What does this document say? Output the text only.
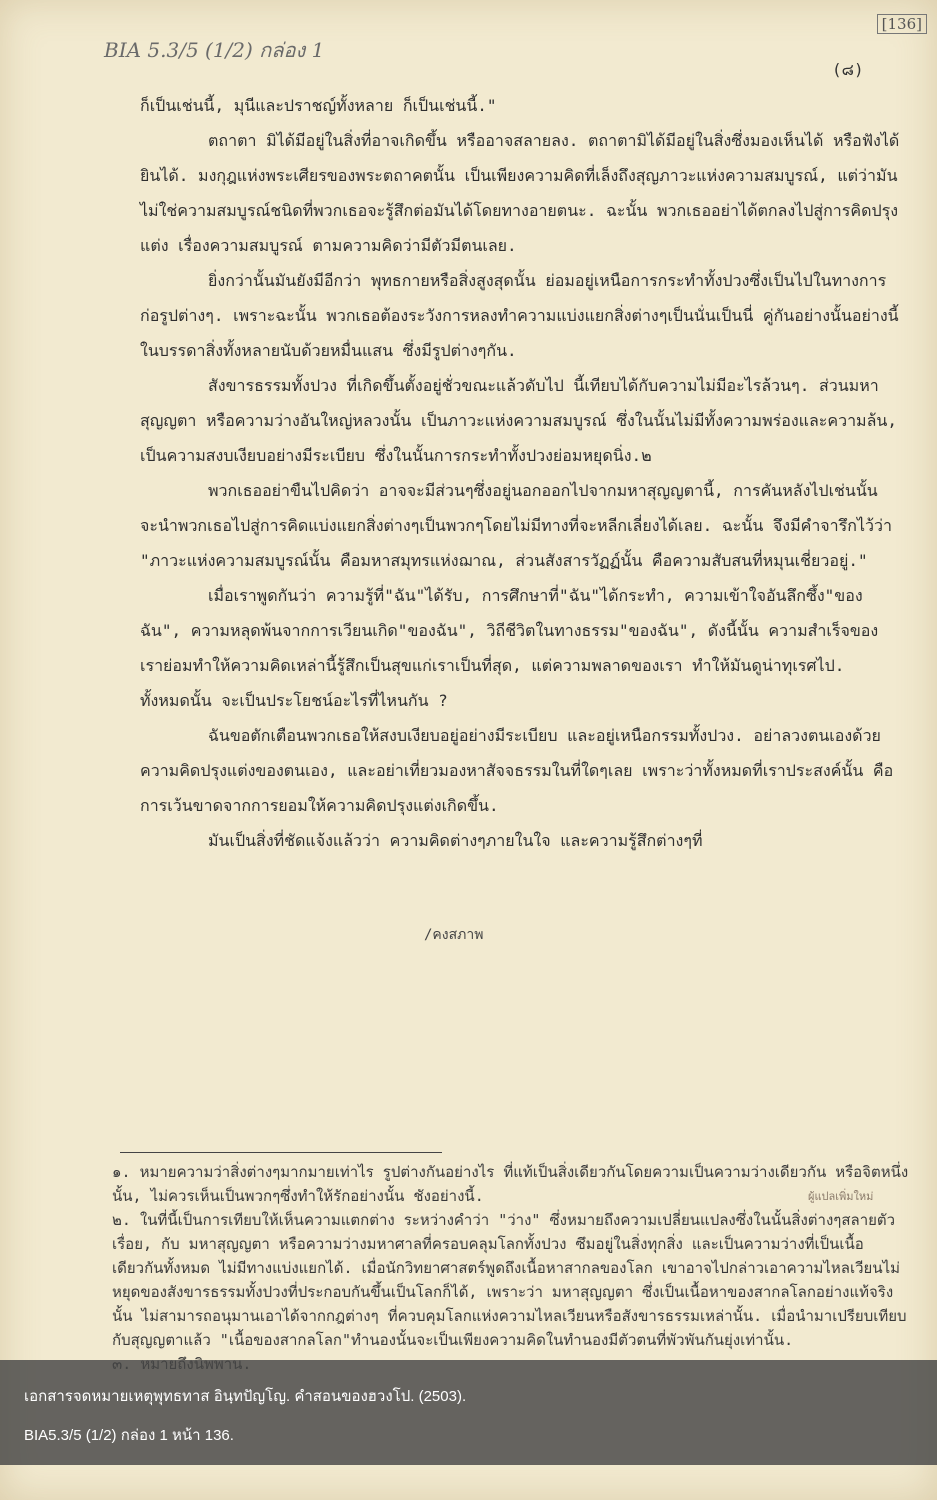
BIA 5.3/5 (1/2) กล่อง 1
[136]
(๘)

ก็เป็นเช่นนี้, มุนีและปราชญ์ทั้งหลาย ก็เป็นเช่นนี้."

ตถาตา มิได้มีอยู่ในสิ่งที่อาจเกิดขึ้น หรืออาจสลายลง. ตถาตามิได้มีอยู่ในสิ่งซึ่งมองเห็นได้ หรือฟังได้ยินได้. มงกุฎแห่งพระเศียรของพระตถาคตนั้น เป็นเพียงความคิดที่เล็งถึงสุญภาวะแห่งความสมบูรณ์, แต่ว่ามันไม่ใช่ความสมบูรณ์ชนิดที่พวกเธอจะรู้สึกต่อมันได้โดยทางอายตนะ. ฉะนั้น พวกเธออย่าได้ตกลงไปสู่การคิดปรุงแต่ง เรื่องความสมบูรณ์ ตามความคิดว่ามีตัวมีตนเลย.

ยิ่งกว่านั้นมันยังมีอีกว่า พุทธกายหรือสิ่งสูงสุดนั้น ย่อมอยู่เหนือการกระทำทั้งปวงซึ่งเป็นไปในทางการก่อรูปต่างๆ. เพราะฉะนั้น พวกเธอต้องระวังการหลงทำความแบ่งแยกสิ่งต่างๆเป็นนั่นเป็นนี่ คู่กันอย่างนั้นอย่างนี้ ในบรรดาสิ่งทั้งหลายนับด้วยหมื่นแสน ซึ่งมีรูปต่างๆกัน.

สังขารธรรมทั้งปวง ที่เกิดขึ้นตั้งอยู่ชั่วขณะแล้วดับไป นี้เทียบได้กับความไม่มีอะไรล้วนๆ. ส่วนมหาสุญญตา หรือความว่างอันใหญ่หลวงนั้น เป็นภาวะแห่งความสมบูรณ์ ซึ่งในนั้นไม่มีทั้งความพร่องและความล้น, เป็นความสงบเงียบอย่างมีระเบียบ ซึ่งในนั้นการกระทำทั้งปวงย่อมหยุดนิ่ง.๒

พวกเธออย่าขืนไปคิดว่า อาจจะมีส่วนๆซึ่งอยู่นอกออกไปจากมหาสุญญตานี้, การคันหลังไปเช่นนั้น จะนำพวกเธอไปสู่การคิดแบ่งแยกสิ่งต่างๆเป็นพวกๆโดยไม่มีทางที่จะหลีกเลี่ยงได้เลย. ฉะนั้น จึงมีคำจารึกไว้ว่า "ภาวะแห่งความสมบูรณ์นั้น คือมหาสมุทรแห่งฌาณ, ส่วนสังสารวัฏฏ์นั้น คือความสับสนที่หมุนเชี่ยวอยู่."

เมื่อเราพูดกันว่า ความรู้ที่"ฉัน"ได้รับ, การศึกษาที่"ฉัน"ได้กระทำ, ความเข้าใจอันลึกซึ้ง"ของฉัน", ความหลุดพ้นจากการเวียนเกิด"ของฉัน", วิถีชีวิตในทางธรรม"ของฉัน", ดังนี้นั้น ความสำเร็จของเราย่อมทำให้ความคิดเหล่านี้รู้สึกเป็นสุขแก่เราเป็นที่สุด, แต่ความพลาดของเรา ทำให้มันดูน่าทุเรศไป. ทั้งหมดนั้น จะเป็นประโยชน์อะไรที่ไหนกัน ?

ฉันขอตักเตือนพวกเธอให้สงบเงียบอยู่อย่างมีระเบียบ และอยู่เหนือกรรมทั้งปวง. อย่าลวงตนเองด้วยความคิดปรุงแต่งของตนเอง, และอย่าเที่ยวมองหาสัจจธรรมในที่ใดๆเลย เพราะว่าทั้งหมดที่เราประสงค์นั้น คือการเว้นขาดจากการยอมให้ความคิดปรุงแต่งเกิดขึ้น.

มันเป็นสิ่งที่ชัดแจ้งแล้วว่า ความคิดต่างๆภายในใจ และความรู้สึกต่างๆที่

/คงสภาพ

๑. หมายความว่าสิ่งต่างๆมากมายเท่าไร รูปต่างกันอย่างไร ที่แท้เป็นสิ่งเดียวกันโดยความเป็นความว่างเดียวกัน หรือจิตหนึ่งนั้น, ไม่ควรเห็นเป็นพวกๆซึ่งทำให้รักอย่างนั้น ชังอย่างนี้.

๒. ในที่นี้เป็นการเทียบให้เห็นความแตกต่าง ระหว่างคำว่า "ว่าง" ซึ่งหมายถึงความเปลี่ยนแปลงซึ่งในนั้นสิ่งต่างๆสลายตัวเรื่อย, กับ มหาสุญญตา หรือความว่างมหาศาลที่ครอบคลุมโลกทั้งปวง ซึมอยู่ในสิ่งทุกสิ่ง และเป็นความว่างที่เป็นเนื้อเดียวกันทั้งหมด ไม่มีทางแบ่งแยกได้. เมื่อนักวิทยาศาสตร์พูดถึงเนื้อหาสากลของโลก เขาอาจไปกล่าวเอาความไหลเวียนไม่หยุดของสังขารธรรมทั้งปวงที่ประกอบกันขึ้นเป็นโลกก็ได้, เพราะว่า มหาสุญญตา ซึ่งเป็นเนื้อหาของสากลโลกอย่างแท้จริงนั้น ไม่สามารถอนุมานเอาได้จากกฎต่างๆ ที่ควบคุมโลกแห่งความไหลเวียนหรือสังขารธรรมเหล่านั้น. เมื่อนำมาเปรียบเทียบกับสุญญตาแล้ว "เนื้อของสากลโลก"ทำนองนั้นจะเป็นเพียงความคิดในทำนองมีตัวตนที่พัวพันกันยุ่งเท่านั้น.

ผู้แปลเพิ่มใหม่
เอกสารจดหมายเหตุพุทธทาส อินฺทปัญโญ. คำสอนของฮวงโป. (2503).
BIA5.3/5 (1/2) กล่อง 1 หน้า 136.
